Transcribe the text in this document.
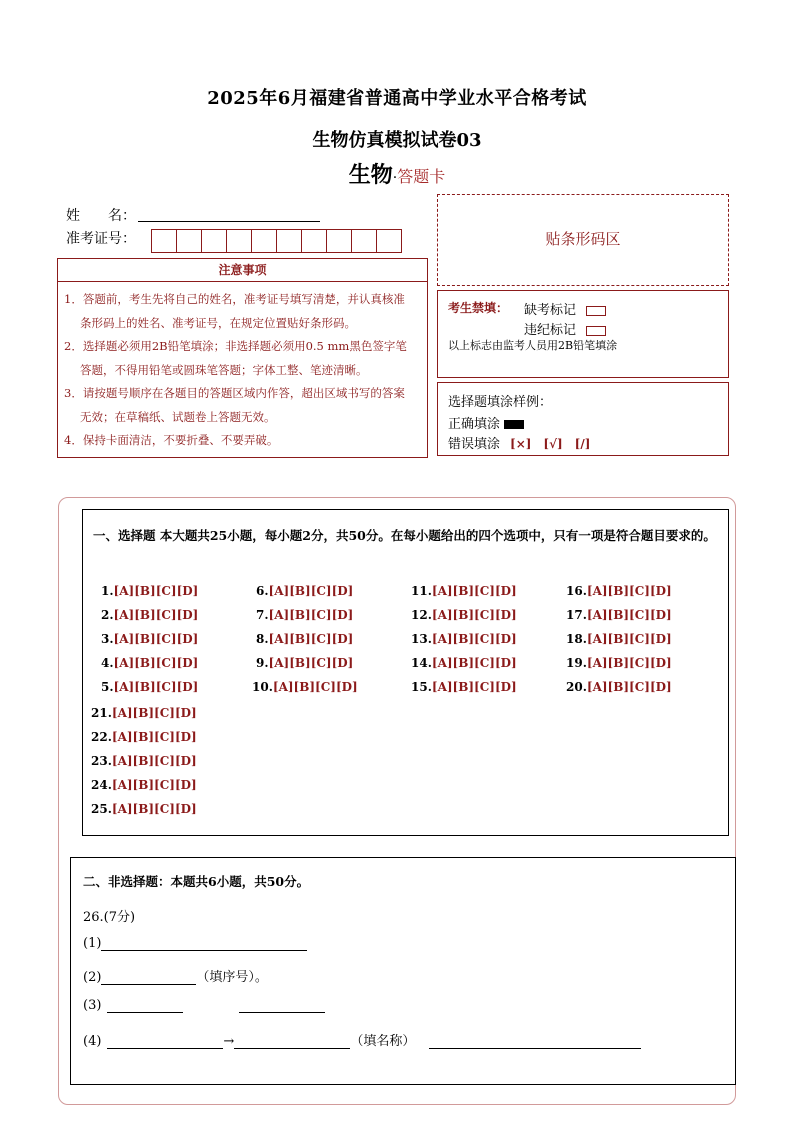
2025年6月福建省普通高中学业水平合格考试
生物仿真模拟试卷03
生物·答题卡
姓　　名：
准考证号：
注意事项

1．答题前，考生先将自己的姓名，准考证号填写清楚，并认真核准

条形码上的姓名、准考证号，在规定位置贴好条形码。

2．选择题必须用2B铅笔填涂；非选择题必须用0.5 mm黑色签字笔

答题，不得用铅笔或圆珠笔答题；字体工整、笔迹清晰。

3．请按题号顺序在各题目的答题区域内作答，超出区域书写的答案

无效；在草稿纸、试题卷上答题无效。

4．保持卡面清洁，不要折叠、不要弄破。

贴条形码区
考生禁填： 缺考标记
违纪标记
以上标志由监考人员用2B铅笔填涂
选择题填涂样例：
正确填涂
错误填涂 [×]　[√]　[/]
一、选择题 本大题共25小题，每小题2分，共50分。在每小题给出的四个选项中，只有一项是符合题目要求的。
1.[A][B][C][D]
2.[A][B][C][D]
3.[A][B][C][D]
4.[A][B][C][D]
5.[A][B][C][D]
6.[A][B][C][D]
7.[A][B][C][D]
8.[A][B][C][D]
9.[A][B][C][D]
10.[A][B][C][D]
11.[A][B][C][D]
12.[A][B][C][D]
13.[A][B][C][D]
14.[A][B][C][D]
15.[A][B][C][D]
16.[A][B][C][D]
17.[A][B][C][D]
18.[A][B][C][D]
19.[A][B][C][D]
20.[A][B][C][D]
21.[A][B][C][D]
22.[A][B][C][D]
23.[A][B][C][D]
24.[A][B][C][D]
25.[A][B][C][D]
二、非选择题：本题共6小题，共50分。
26.(7分)
(1)
(2)	（填序号）。
(3)
(4)	→	（填名称）
